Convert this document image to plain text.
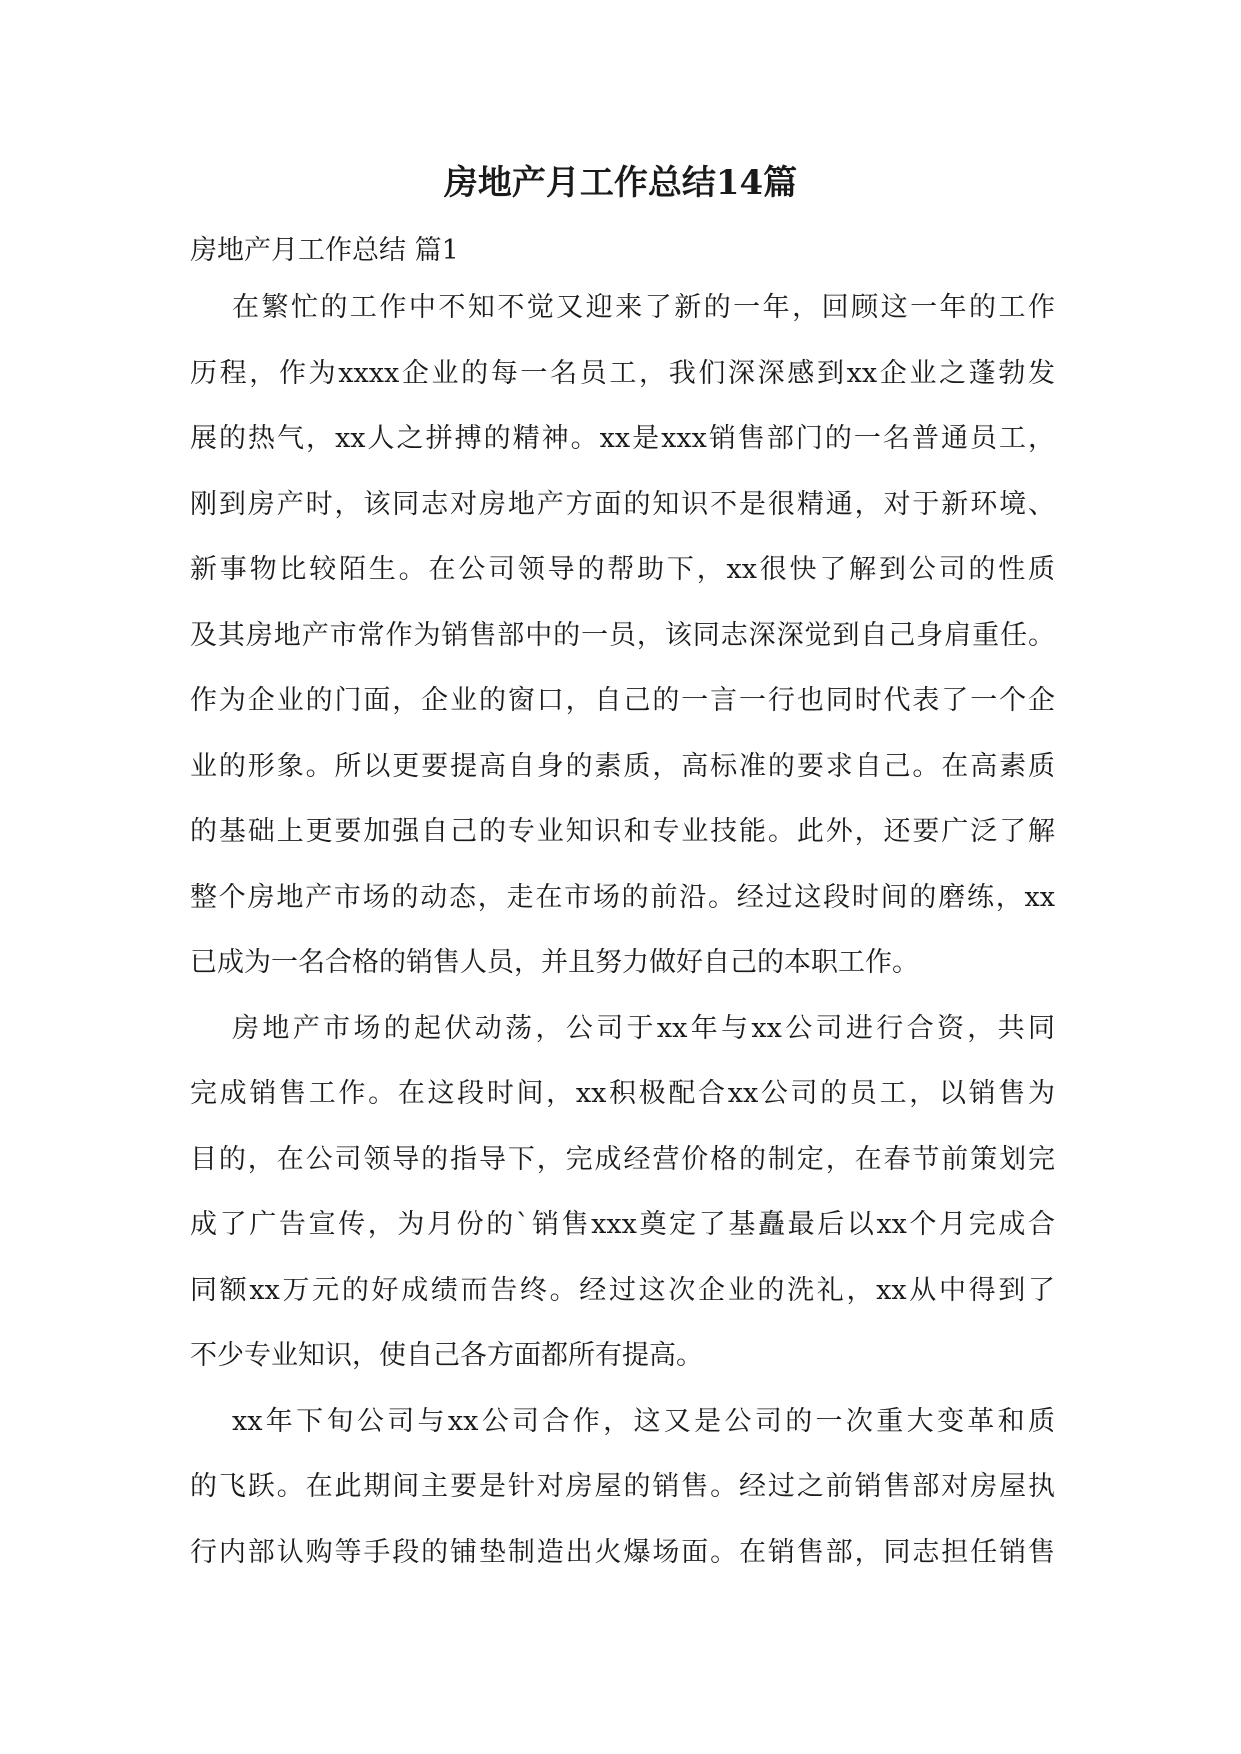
房地产月工作总结14篇

房地产月工作总结 篇1

在繁忙的工作中不知不觉又迎来了新的一年，回顾这一年的工作
历程，作为xxxx企业的每一名员工，我们深深感到xx企业之蓬勃发
展的热气，xx人之拼搏的精神。xx是xxx销售部门的一名普通员工，
刚到房产时，该同志对房地产方面的知识不是很精通，对于新环境、
新事物比较陌生。在公司领导的帮助下，xx很快了解到公司的性质
及其房地产市常作为销售部中的一员，该同志深深觉到自己身肩重任。
作为企业的门面，企业的窗口，自己的一言一行也同时代表了一个企
业的形象。所以更要提高自身的素质，高标准的要求自己。在高素质
的基础上更要加强自己的专业知识和专业技能。此外，还要广泛了解
整个房地产市场的动态，走在市场的前沿。经过这段时间的磨练，xx
已成为一名合格的销售人员，并且努力做好自己的本职工作。
房地产市场的起伏动荡，公司于xx年与xx公司进行合资，共同
完成销售工作。在这段时间，xx积极配合xx公司的员工，以销售为
目的，在公司领导的指导下，完成经营价格的制定，在春节前策划完
成了广告宣传，为月份的`销售xxx奠定了基矗最后以xx个月完成合
同额xx万元的好成绩而告终。经过这次企业的洗礼，xx从中得到了
不少专业知识，使自己各方面都所有提高。
xx年下旬公司与xx公司合作，这又是公司的一次重大变革和质
的飞跃。在此期间主要是针对房屋的销售。经过之前销售部对房屋执
行内部认购等手段的铺垫制造出火爆场面。在销售部，同志担任销售
